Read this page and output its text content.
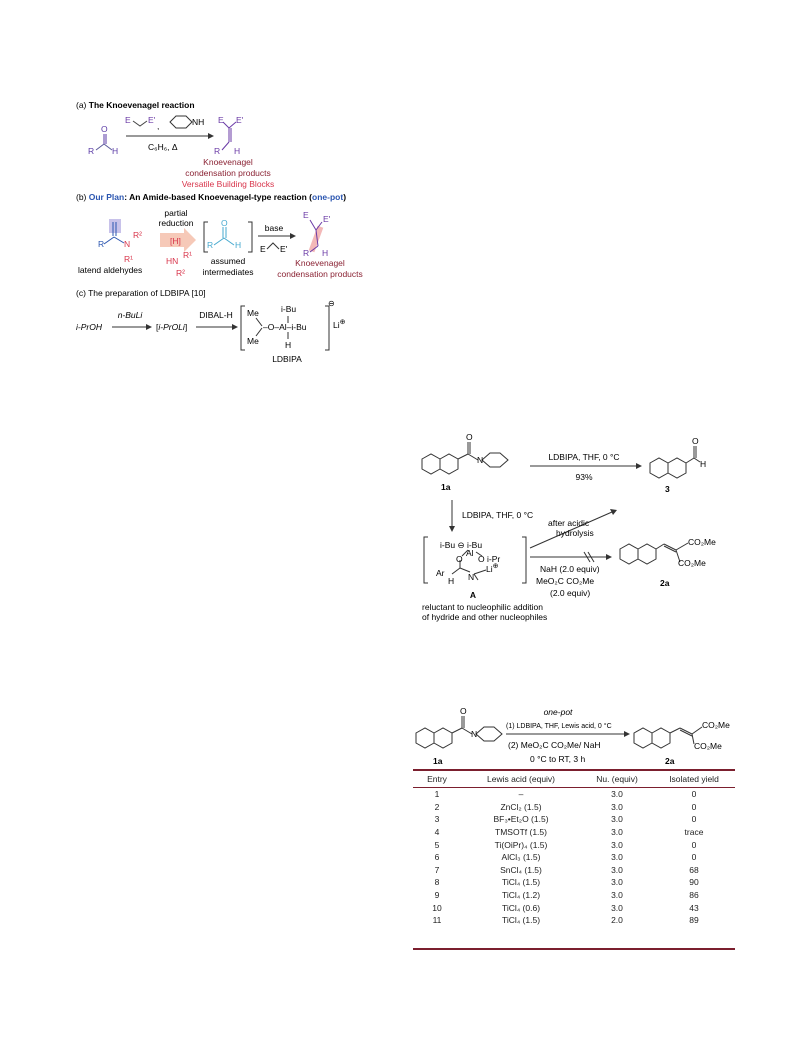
(a) The Knoevenagel reaction
R
O
H
E E'
,	NH
C₆H₆, Δ
E E'
R H
Knoevenagel
condensation products
Versatile Building Blocks
(b) Our Plan: An Amide-based Knoevenagel-type reaction (one-pot)
R N
R²
R¹
latend aldehydes
partial
reduction
[H]
HN
R¹
R²
R
O
H
assumed
intermediates
base
E E'
E E'
R H
Knoevenagel
condensation products
(c) The preparation of LDBIPA [10]
i-PrOH
n-BuLi
[i-PrOLi]
DIBAL-H Me
Me
i-Bu
–O–Al–i-Bu
H
Li⊕
⊖
LDBIPA
O
N
1a
LDBIPA, THF, 0 °C
93%
O
H
3
LDBIPA, THF, 0 °C
i-Bu ⊖ i-Bu
Al
O O i-Pr
Li⊕
Ar
H N
A
reluctant to nucleophilic addition
of hydride and other nucleophiles
after acidic
hydrolysis
NaH (2.0 equiv)
MeO₂C CO₂Me
(2.0 equiv)
CO₂Me
CO₂Me
2a
O
N
1a
one-pot
(1) LDBIPA, THF, Lewis acid, 0 °C
(2) MeO₂C CO₂Me/ NaH
0 °C to RT, 3 h
CO₂Me
CO₂Me
2a
Entry	Lewis acid (equiv)	Nu. (equiv)	Isolated yield
1	–	3.0	0
2	ZnCl₂ (1.5)	3.0	0
3	BF₃•Et₂O (1.5)	3.0	0
4	TMSOTf (1.5)	3.0	trace
5	Ti(OiPr)₄ (1.5)	3.0	0
6	AlCl₃ (1.5)	3.0	0
7	SnCl₄ (1.5)	3.0	68
8	TiCl₄ (1.5)	3.0	90
9	TiCl₄ (1.2)	3.0	86
10	TiCl₄ (0.6)	3.0	43
11	TiCl₄ (1.5)	2.0	89
